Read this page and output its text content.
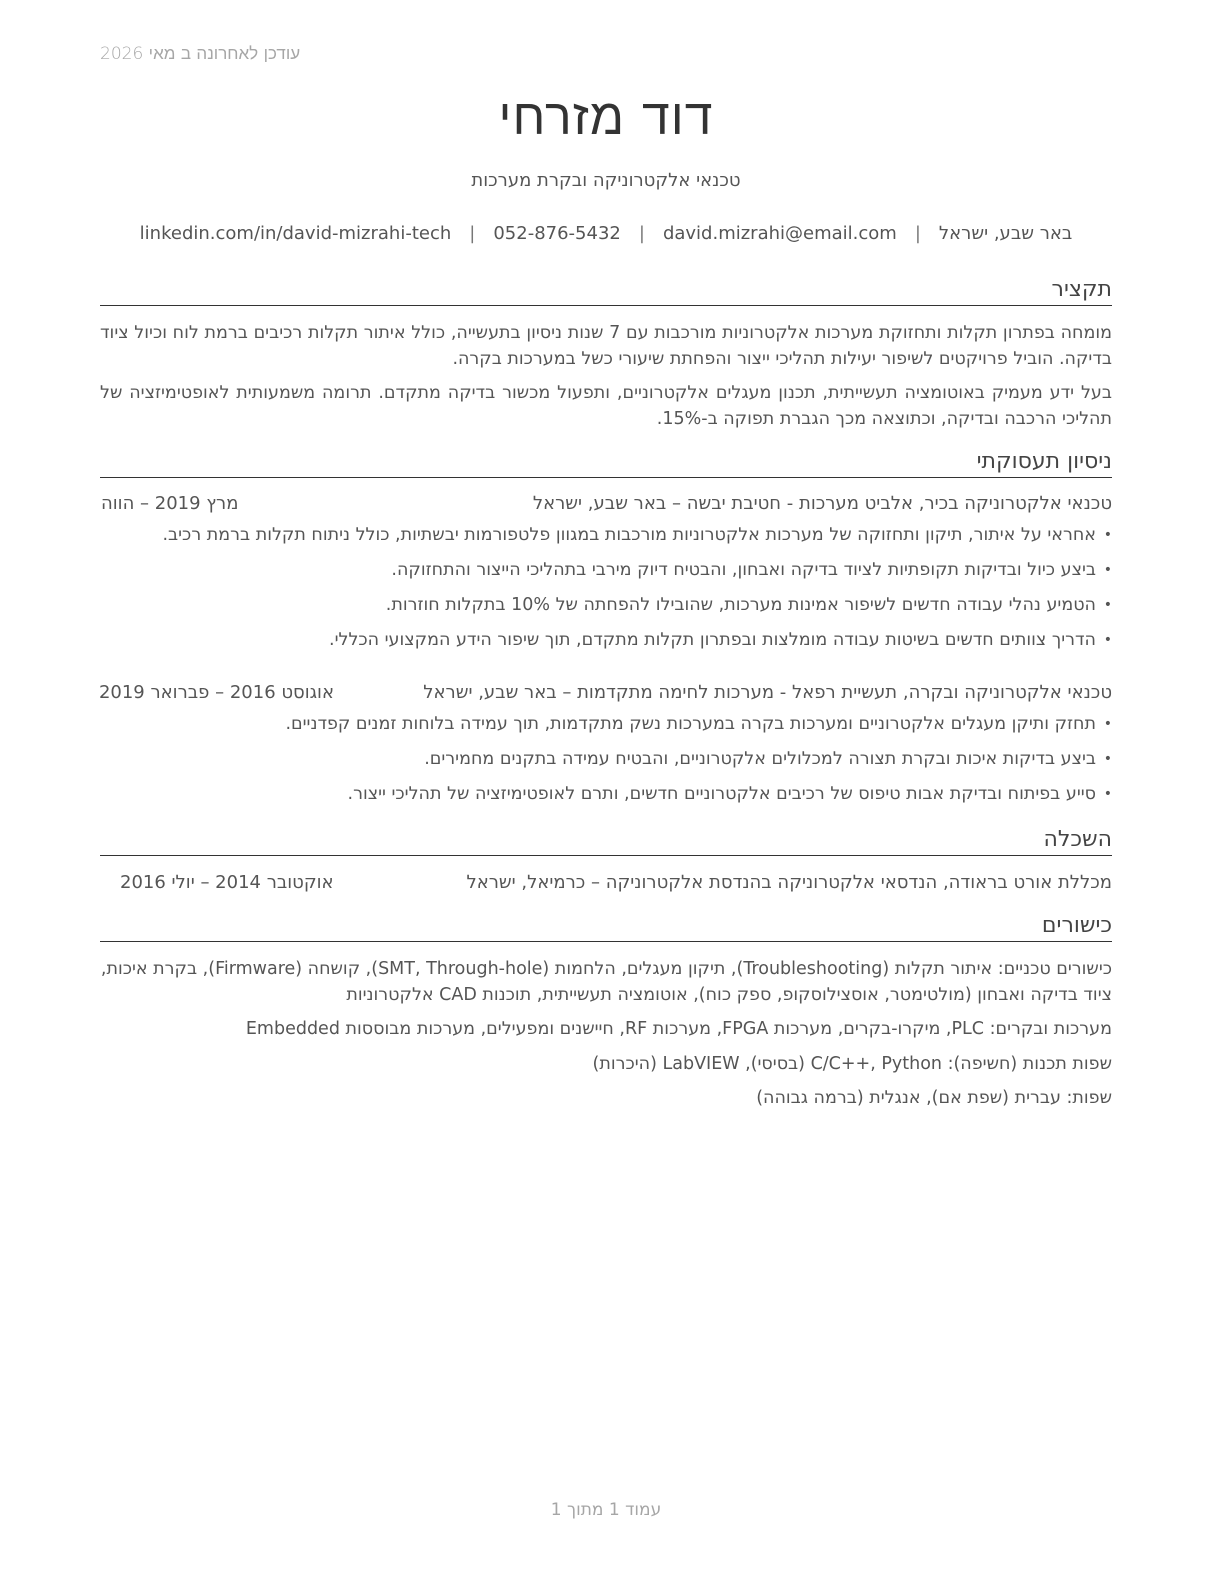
עודכן לאחרונה ב מאי 2026
דוד מזרחי
טכנאי אלקטרוניקה ובקרת מערכות
באר שבע, ישראל|david.mizrahi@email.com|052-876-5432|linkedin.com/in/david-mizrahi-tech
תקציר
מומחה בפתרון תקלות ותחזוקת מערכות אלקטרוניות מורכבות עם 7 שנות ניסיון בתעשייה, כולל איתור תקלות רכיבים ברמת לוח וכיול ציוד בדיקה. הוביל פרויקטים לשיפור יעילות תהליכי ייצור והפחתת שיעורי כשל במערכות בקרה.
בעל ידע מעמיק באוטומציה תעשייתית, תכנון מעגלים אלקטרוניים, ותפעול מכשור בדיקה מתקדם. תרומה משמעותית לאופטימיזציה של תהליכי הרכבה ובדיקה, וכתוצאה מכך הגברת תפוקה ב-15%.
ניסיון תעסוקתי
טכנאי אלקטרוניקה בכיר, אלביט מערכות - חטיבת יבשה – באר שבע, ישראל
מרץ 2019 – הווה
• אחראי על איתור, תיקון ותחזוקה של מערכות אלקטרוניות מורכבות במגוון פלטפורמות יבשתיות, כולל ניתוח תקלות ברמת רכיב.
• ביצע כיול ובדיקות תקופתיות לציוד בדיקה ואבחון, והבטיח דיוק מירבי בתהליכי הייצור והתחזוקה.
• הטמיע נהלי עבודה חדשים לשיפור אמינות מערכות, שהובילו להפחתה של 10% בתקלות חוזרות.
• הדריך צוותים חדשים בשיטות עבודה מומלצות ובפתרון תקלות מתקדם, תוך שיפור הידע המקצועי הכללי.
טכנאי אלקטרוניקה ובקרה, תעשיית רפאל - מערכות לחימה מתקדמות – באר שבע, ישראל
אוגוסט 2016 – פברואר 2019
• תחזק ותיקן מעגלים אלקטרוניים ומערכות בקרה במערכות נשק מתקדמות, תוך עמידה בלוחות זמנים קפדניים.
• ביצע בדיקות איכות ובקרת תצורה למכלולים אלקטרוניים, והבטיח עמידה בתקנים מחמירים.
• סייע בפיתוח ובדיקת אבות טיפוס של רכיבים אלקטרוניים חדשים, ותרם לאופטימיזציה של תהליכי ייצור.
השכלה
מכללת אורט בראודה, הנדסאי אלקטרוניקה בהנדסת אלקטרוניקה – כרמיאל, ישראל
אוקטובר 2014 – יולי 2016
כישורים
כישורים טכניים: איתור תקלות (Troubleshooting), תיקון מעגלים, הלחמות (SMT, Through-hole), קושחה (Firmware), בקרת איכות, ציוד בדיקה ואבחון (מולטימטר, אוסצילוסקופ, ספק כוח), אוטומציה תעשייתית, תוכנות CAD אלקטרוניות
מערכות ובקרים: PLC, מיקרו-בקרים, מערכות FPGA, מערכות RF, חיישנים ומפעילים, מערכות מבוססות Embedded
שפות תכנות (חשיפה): C/C++, Python (בסיסי), LabVIEW (היכרות)
שפות: עברית (שפת אם), אנגלית (ברמה גבוהה)
עמוד 1 מתוך 1
